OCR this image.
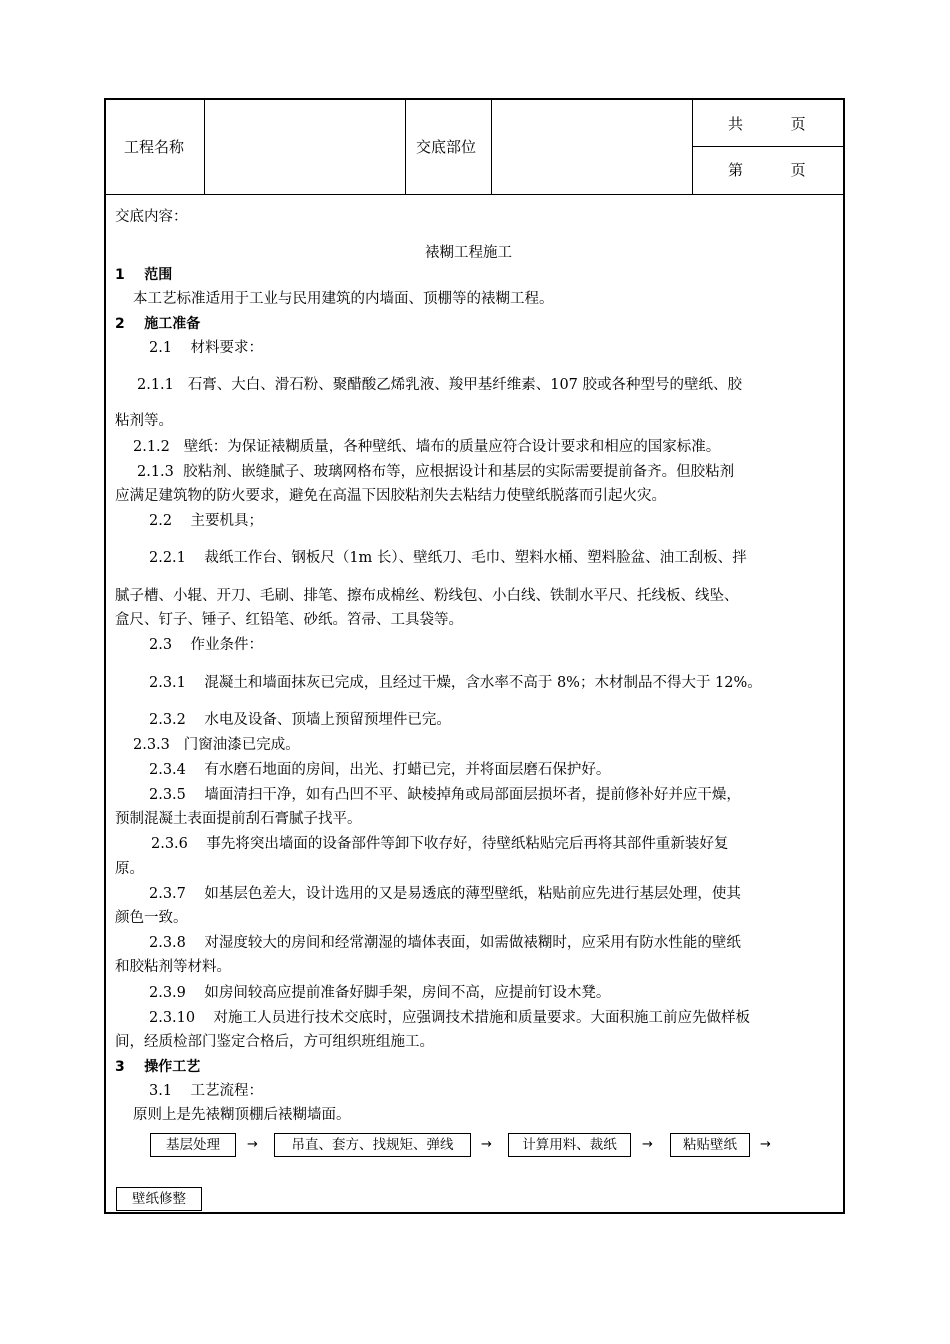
工程名称	交底部位
共          页
第          页
交底内容：
裱糊工程施工
1    范围
本工艺标准适用于工业与民用建筑的内墙面、顶棚等的裱糊工程。
2    施工准备
2.1    材料要求：
2.1.1   石膏、大白、滑石粉、聚醋酸乙烯乳液、羧甲基纤维素、107 胶或各种型号的壁纸、胶
粘剂等。
2.1.2   壁纸：为保证裱糊质量，各种壁纸、墙布的质量应符合设计要求和相应的国家标准。
2.1.3  胶粘剂、嵌缝腻子、玻璃网格布等，应根据设计和基层的实际需要提前备齐。但胶粘剂
应满足建筑物的防火要求，避免在高温下因胶粘剂失去粘结力使壁纸脱落而引起火灾。
2.2    主要机具；
2.2.1    裁纸工作台、钢板尺（1m 长）、壁纸刀、毛巾、塑料水桶、塑料脸盆、油工刮板、拌
腻子槽、小辊、开刀、毛刷、排笔、擦布成棉丝、粉线包、小白线、铁制水平尺、托线板、线坠、
盒尺、钉子、锤子、红铅笔、砂纸。笤帚、工具袋等。
2.3    作业条件：
2.3.1    混凝土和墙面抹灰已完成，且经过干燥，含水率不高于 8%；木材制品不得大于 12%。
2.3.2    水电及设备、顶墙上预留预埋件已完。
2.3.3   门窗油漆已完成。
2.3.4    有水磨石地面的房间，出光、打蜡已完，并将面层磨石保护好。
2.3.5    墙面清扫干净，如有凸凹不平、缺棱掉角或局部面层损坏者，提前修补好并应干燥，
预制混凝土表面提前刮石膏腻子找平。
2.3.6    事先将突出墙面的设备部件等卸下收存好，待壁纸粘贴完后再将其部件重新装好复
原。
2.3.7    如基层色差大，设计选用的又是易透底的薄型壁纸，粘贴前应先进行基层处理，使其
颜色一致。
2.3.8    对湿度较大的房间和经常潮湿的墙体表面，如需做裱糊时，应采用有防水性能的壁纸
和胶粘剂等材料。
2.3.9    如房间较高应提前准备好脚手架，房间不高，应提前钉设木凳。
2.3.10    对施工人员进行技术交底时，应强调技术措施和质量要求。大面积施工前应先做样板
间，经质检部门鉴定合格后，方可组织班组施工。
3    操作工艺
3.1    工艺流程：
原则上是先裱糊顶棚后裱糊墙面。
基层处理	→	吊直、套方、找规矩、弹线	→	计算用料、裁纸	→	粘贴壁纸	→
壁纸修整
